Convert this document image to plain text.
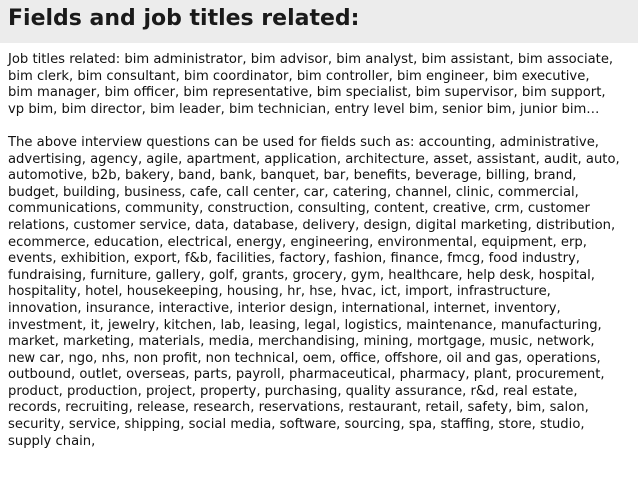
Fields and job titles related:

Job titles related: bim administrator, bim advisor, bim analyst, bim assistant, bim associate,
bim clerk, bim consultant, bim coordinator, bim controller, bim engineer, bim executive,
bim manager, bim officer, bim representative, bim specialist, bim supervisor, bim support,
vp bim, bim director, bim leader, bim technician, entry level bim, senior bim, junior bim…

The above interview questions can be used for fields such as: accounting, administrative,
advertising, agency, agile, apartment, application, architecture, asset, assistant, audit, auto,
automotive, b2b, bakery, band, bank, banquet, bar, benefits, beverage, billing, brand,
budget, building, business, cafe, call center, car, catering, channel, clinic, commercial,
communications, community, construction, consulting, content, creative, crm, customer
relations, customer service, data, database, delivery, design, digital marketing, distribution,
ecommerce, education, electrical, energy, engineering, environmental, equipment, erp,
events, exhibition, export, f&b, facilities, factory, fashion, finance, fmcg, food industry,
fundraising, furniture, gallery, golf, grants, grocery, gym, healthcare, help desk, hospital,
hospitality, hotel, housekeeping, housing, hr, hse, hvac, ict, import, infrastructure,
innovation, insurance, interactive, interior design, international, internet, inventory,
investment, it, jewelry, kitchen, lab, leasing, legal, logistics, maintenance, manufacturing,
market, marketing, materials, media, merchandising, mining, mortgage, music, network,
new car, ngo, nhs, non profit, non technical, oem, office, offshore, oil and gas, operations,
outbound, outlet, overseas, parts, payroll, pharmaceutical, pharmacy, plant, procurement,
product, production, project, property, purchasing, quality assurance, r&d, real estate,
records, recruiting, release, research, reservations, restaurant, retail, safety, bim, salon,
security, service, shipping, social media, software, sourcing, spa, staffing, store, studio,
supply chain,
